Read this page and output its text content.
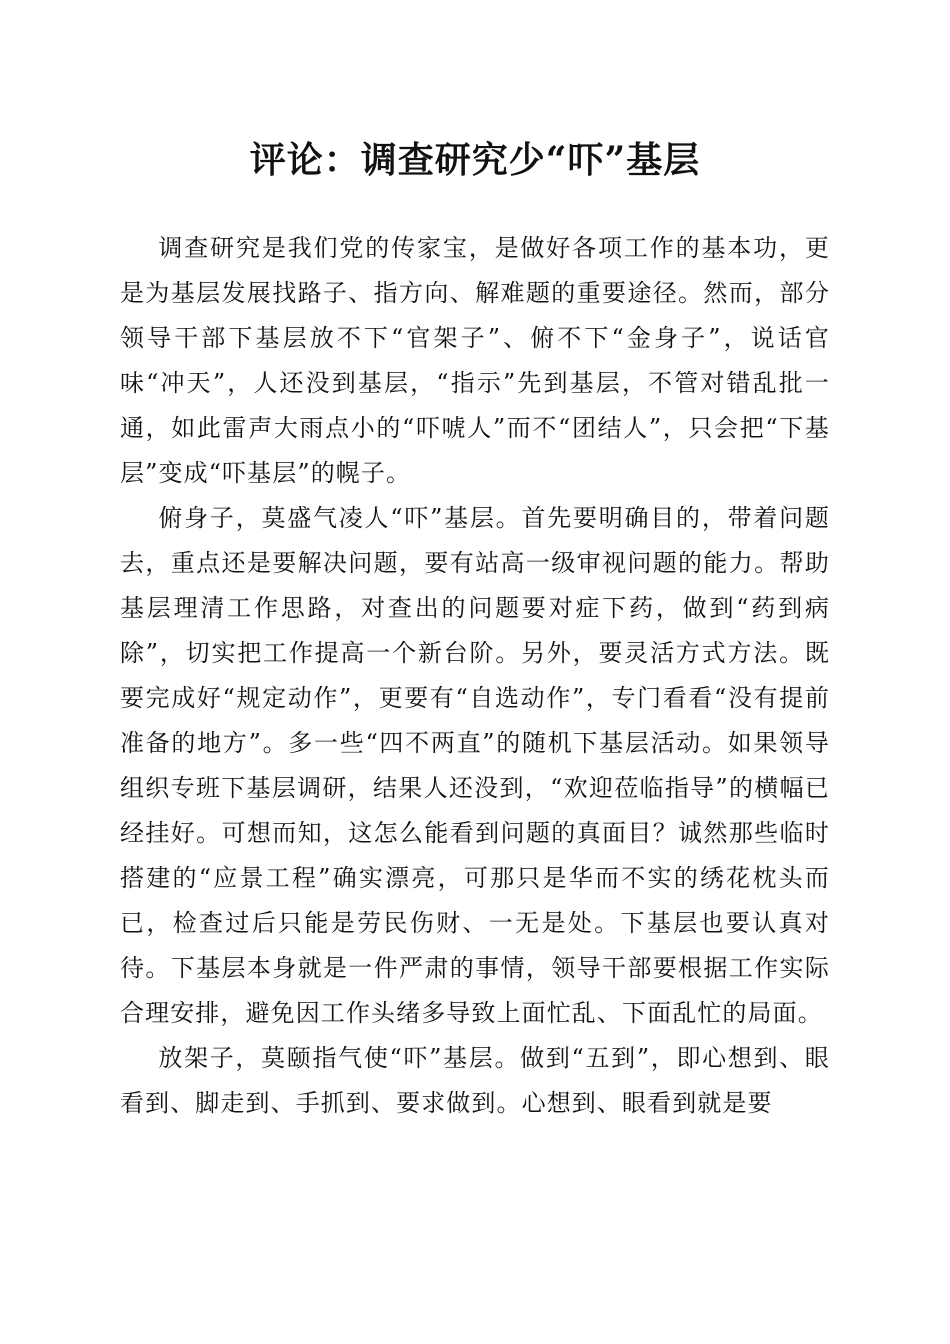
评论：调查研究少“吓”基层

调查研究是我们党的传家宝，是做好各项工作的基本功，更是为基层发展找路子、指方向、解难题的重要途径。然而，部分领导干部下基层放不下“官架子”、俯不下“金身子”，说话官味“冲天”，人还没到基层，“指示”先到基层，不管对错乱批一通，如此雷声大雨点小的“吓唬人”而不“团结人”，只会把“下基层”变成“吓基层”的幌子。

俯身子，莫盛气凌人“吓”基层。首先要明确目的，带着问题去，重点还是要解决问题，要有站高一级审视问题的能力。帮助基层理清工作思路，对查出的问题要对症下药，做到“药到病除”，切实把工作提高一个新台阶。另外，要灵活方式方法。既要完成好“规定动作”，更要有“自选动作”，专门看看“没有提前准备的地方”。多一些“四不两直”的随机下基层活动。如果领导组织专班下基层调研，结果人还没到，“欢迎莅临指导”的横幅已经挂好。可想而知，这怎么能看到问题的真面目？诚然那些临时搭建的“应景工程”确实漂亮，可那只是华而不实的绣花枕头而已，检查过后只能是劳民伤财、一无是处。下基层也要认真对待。下基层本身就是一件严肃的事情，领导干部要根据工作实际合理安排，避免因工作头绪多导致上面忙乱、下面乱忙的局面。

放架子，莫颐指气使“吓”基层。做到“五到”，即心想到、眼看到、脚走到、手抓到、要求做到。心想到、眼看到就是要
